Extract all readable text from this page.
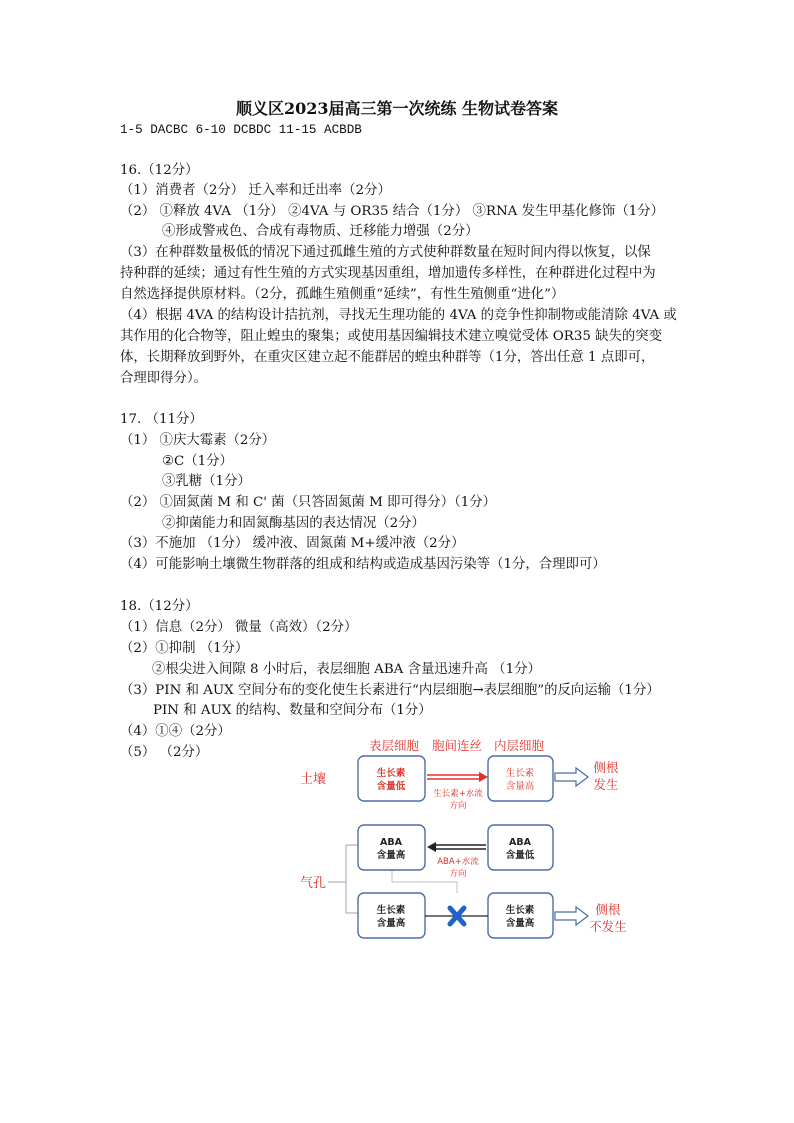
顺义区2023届高三第一次统练 生物试卷答案
1-5 DACBC 6-10 DCBDC 11-15 ACBDB
16.（12分）
（1）消费者（2分） 迁入率和迁出率（2分）
（2） ①释放 4VA （1分） ②4VA 与 OR35 结合（1分） ③RNA 发生甲基化修饰（1分）
④形成警戒色、合成有毒物质、迁移能力增强（2分）
（3）在种群数量极低的情况下通过孤雌生殖的方式使种群数量在短时间内得以恢复，以保
持种群的延续；通过有性生殖的方式实现基因重组，增加遗传多样性，在种群进化过程中为
自然选择提供原材料。（2分，孤雌生殖侧重“延续”，有性生殖侧重“进化”）
（4）根据 4VA 的结构设计拮抗剂，寻找无生理功能的 4VA 的竞争性抑制物或能清除 4VA 或
其作用的化合物等，阻止蝗虫的聚集；或使用基因编辑技术建立嗅觉受体 OR35 缺失的突变
体，长期释放到野外，在重灾区建立起不能群居的蝗虫种群等（1分，答出任意 1 点即可，
合理即得分）。
17. （11分）
（1） ①庆大霉素（2分）
②C（1分）
③乳糖（1分）
（2） ①固氮菌 M 和 C' 菌（只答固氮菌 M 即可得分）（1分）
②抑菌能力和固氮酶基因的表达情况（2分）
（3）不施加 （1分） 缓冲液、固氮菌 M+缓冲液（2分）
（4）可能影响土壤微生物群落的组成和结构或造成基因污染等（1分，合理即可）
18.（12分）
（1）信息（2分） 微量（高效）（2分）
（2）①抑制 （1分）
②根尖进入间隙 8 小时后，表层细胞 ABA 含量迅速升高 （1分）
（3）PIN 和 AUX 空间分布的变化使生长素进行“内层细胞→表层细胞”的反向运输（1分）
PIN 和 AUX 的结构、数量和空间分布（1分）
（4）①④（2分）
（5） （2分）	表层细胞 胞间连丝 内层细胞
土壤
气孔
生长素
含量低
生长素
含量高
生长素+水流
方向
侧根
发生
ABA
含量高
ABA
含量低
ABA+水流
方向
生长素
含量高
生长素
含量高
侧根
不发生
